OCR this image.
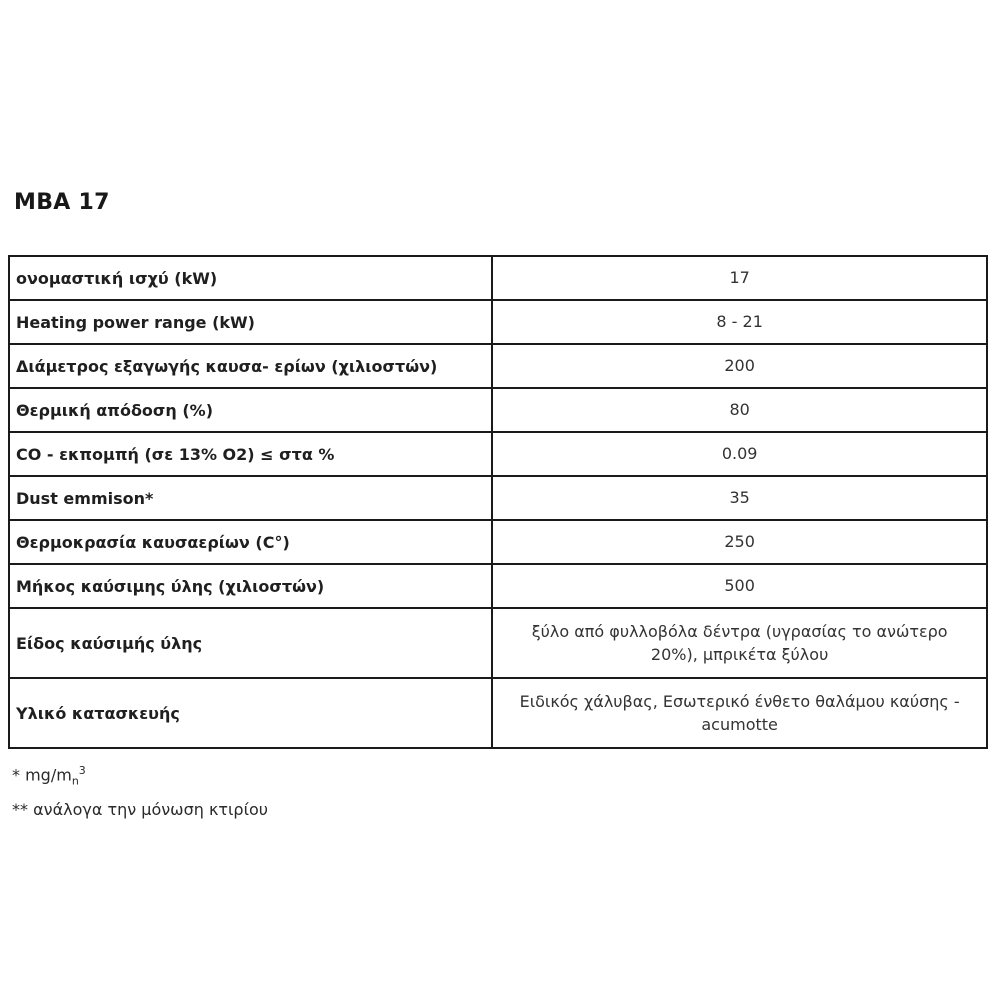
MBA 17
ονομαστική ισχύ (kW)	17
Heating power range (kW)	8 - 21
Διάμετρος εξαγωγής καυσα- ερίων (χιλιοστών)	200
Θερμική απόδοση (%)	80
CO - εκπομπή (σε 13% O2) ≤ στα %	0.09
Dust emmison*	35
Θερμοκρασία καυσαερίων (C°)	250
Μήκος καύσιμης ύλης (χιλιοστών)	500
Είδος καύσιμής ύλης	ξύλο από φυλλοβόλα δέντρα (υγρασίας το ανώτερο 20%), μπρικέτα ξύλου
Υλικό κατασκευής	Ειδικός χάλυβας, Εσωτερικό ένθετο θαλάμου καύσης - acumotte
* $mg/m_n^3$
** ανάλογα την μόνωση κτιρίου
